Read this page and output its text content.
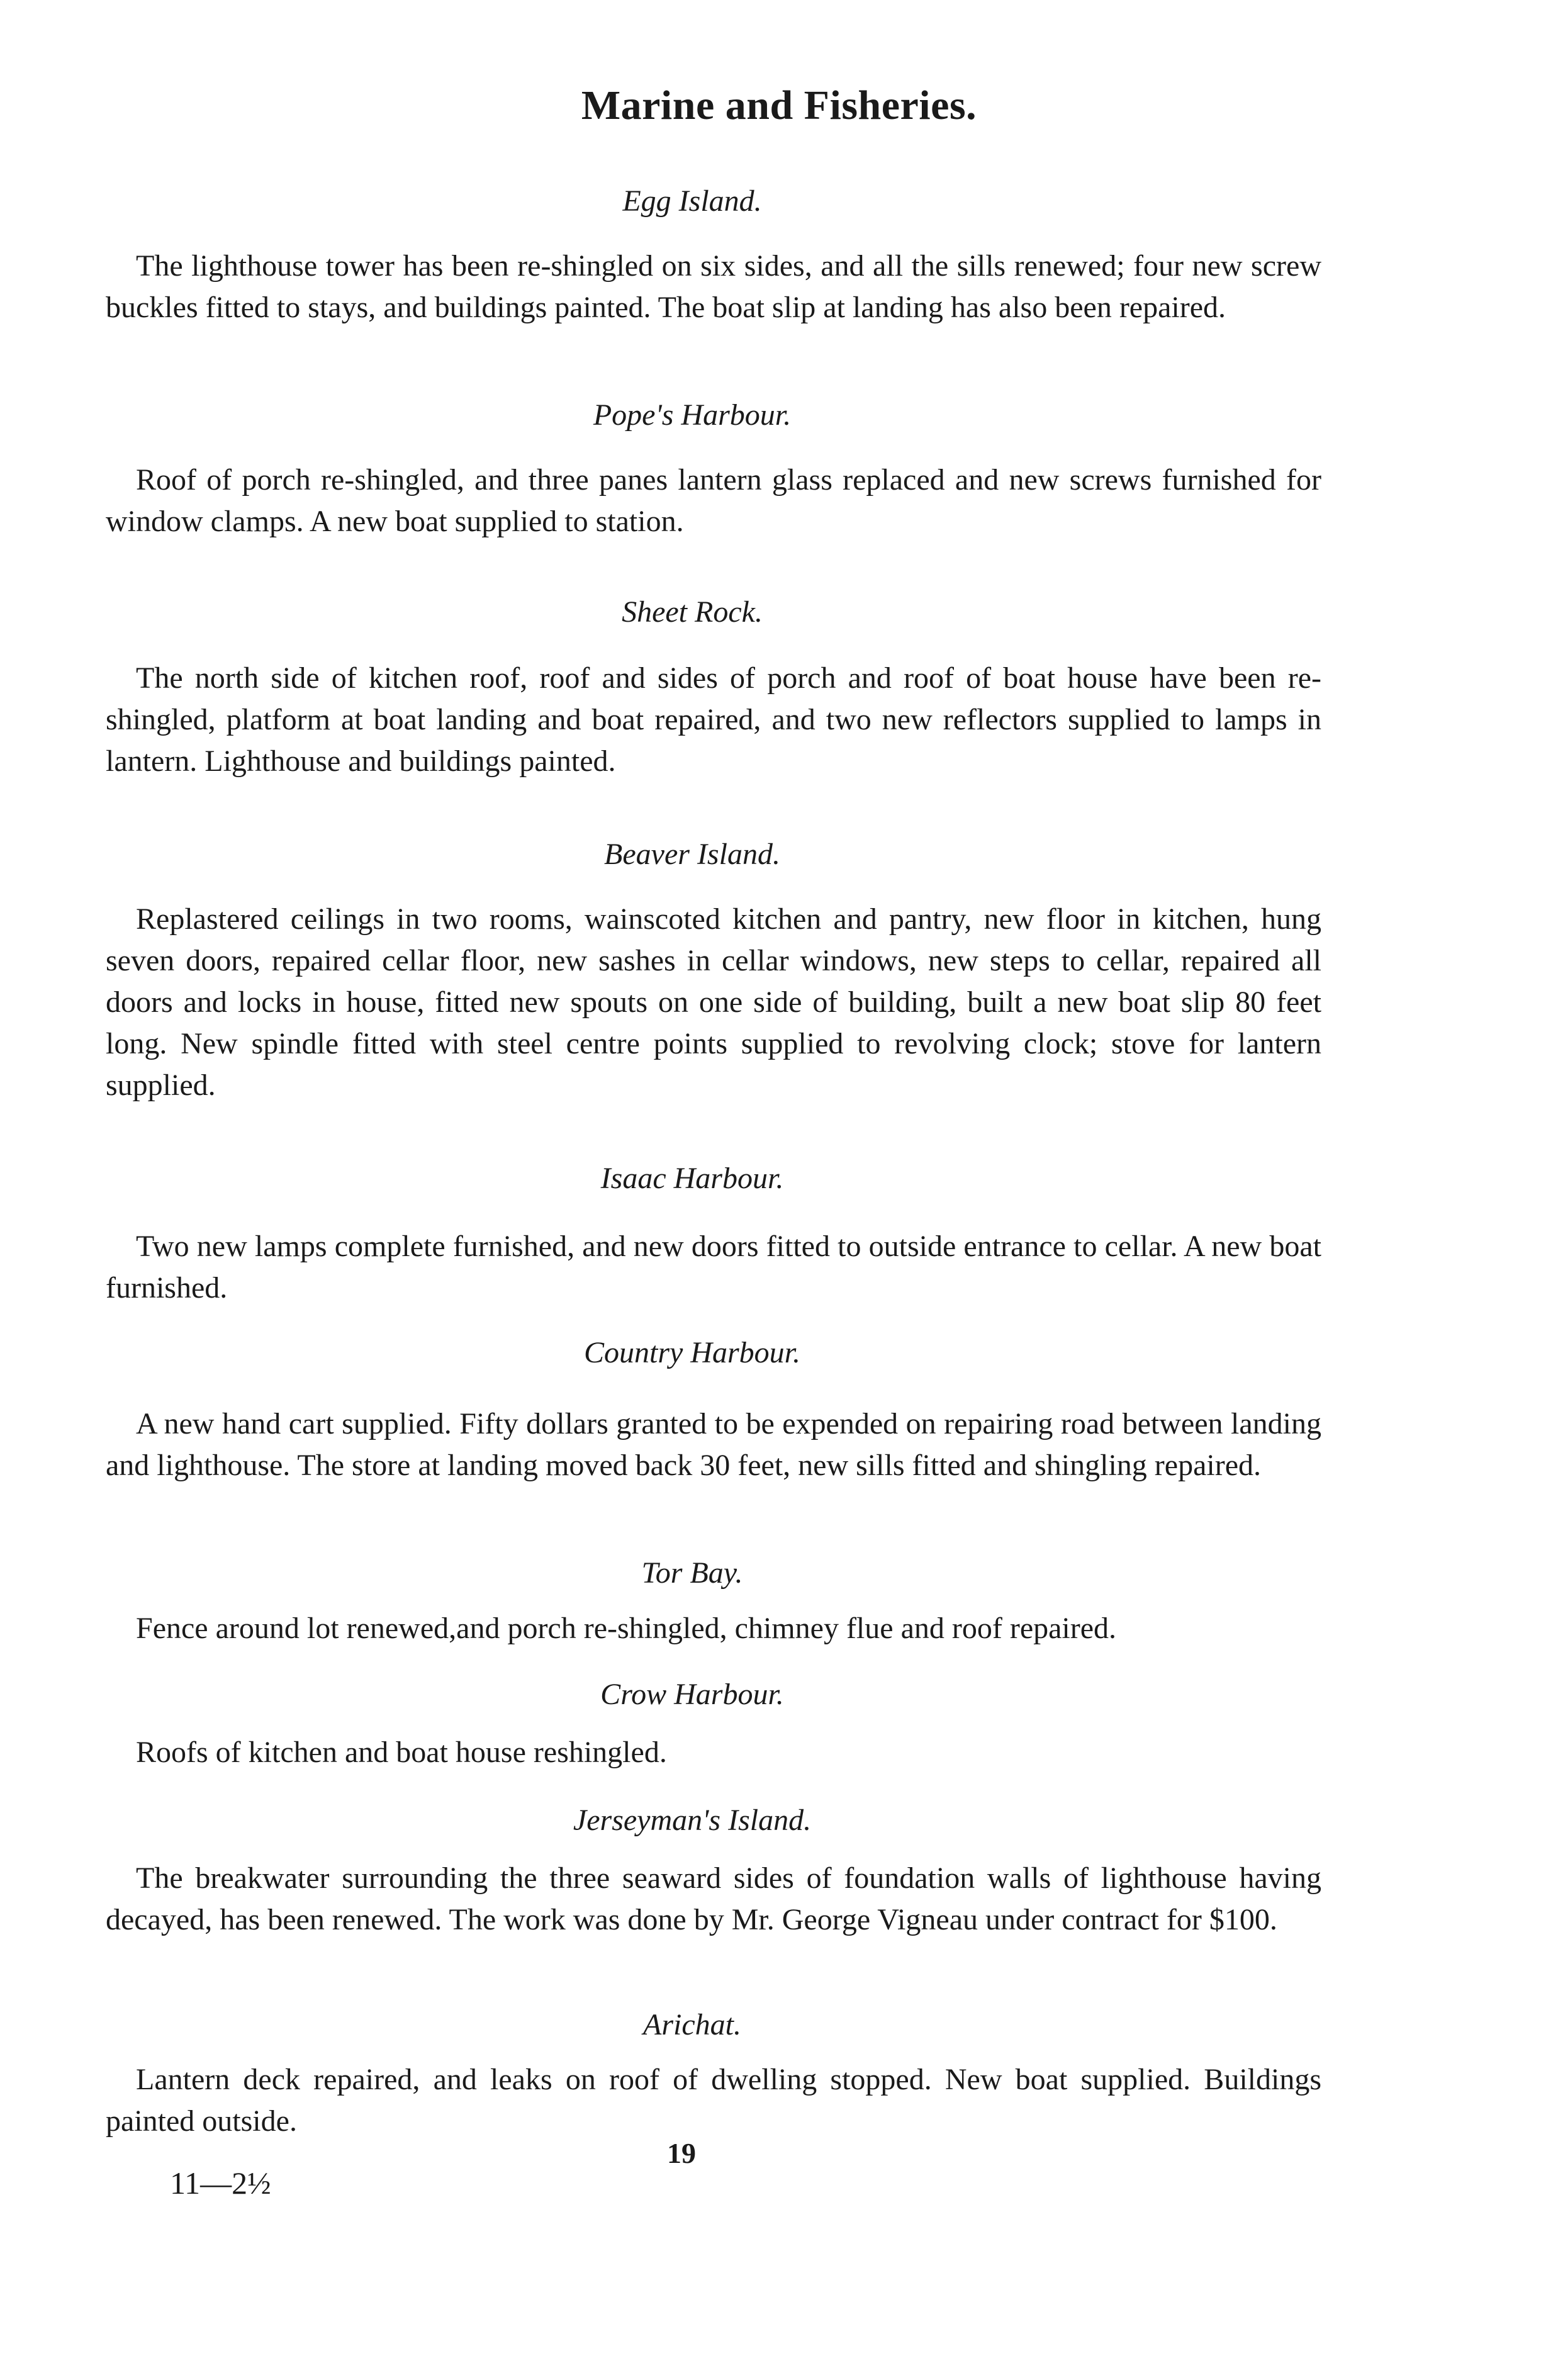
Marine and Fisheries.
Egg Island.

The lighthouse tower has been re-shingled on six sides, and all the sills renewed; four new screw buckles fitted to stays, and buildings painted. The boat slip at landing has also been repaired.

Pope's Harbour.

Roof of porch re-shingled, and three panes lantern glass replaced and new screws furnished for window clamps. A new boat supplied to station.

Sheet Rock.

The north side of kitchen roof, roof and sides of porch and roof of boat house have been re-shingled, platform at boat landing and boat repaired, and two new reflectors supplied to lamps in lantern. Lighthouse and buildings painted.

Beaver Island.

Replastered ceilings in two rooms, wainscoted kitchen and pantry, new floor in kitchen, hung seven doors, repaired cellar floor, new sashes in cellar windows, new steps to cellar, repaired all doors and locks in house, fitted new spouts on one side of building, built a new boat slip 80 feet long. New spindle fitted with steel centre points supplied to revolving clock; stove for lantern supplied.

Isaac Harbour.

Two new lamps complete furnished, and new doors fitted to outside entrance to cellar. A new boat furnished.

Country Harbour.

A new hand cart supplied. Fifty dollars granted to be expended on repairing road between landing and lighthouse. The store at landing moved back 30 feet, new sills fitted and shingling repaired.

Tor Bay.

Fence around lot renewed,and porch re-shingled, chimney flue and roof repaired.

Crow Harbour.

Roofs of kitchen and boat house reshingled.

Jerseyman's Island.

The breakwater surrounding the three seaward sides of foundation walls of lighthouse having decayed, has been renewed. The work was done by Mr. George Vigneau under contract for $100.

Arichat.

Lantern deck repaired, and leaks on roof of dwelling stopped. New boat supplied. Buildings painted outside.

19
11—2½
